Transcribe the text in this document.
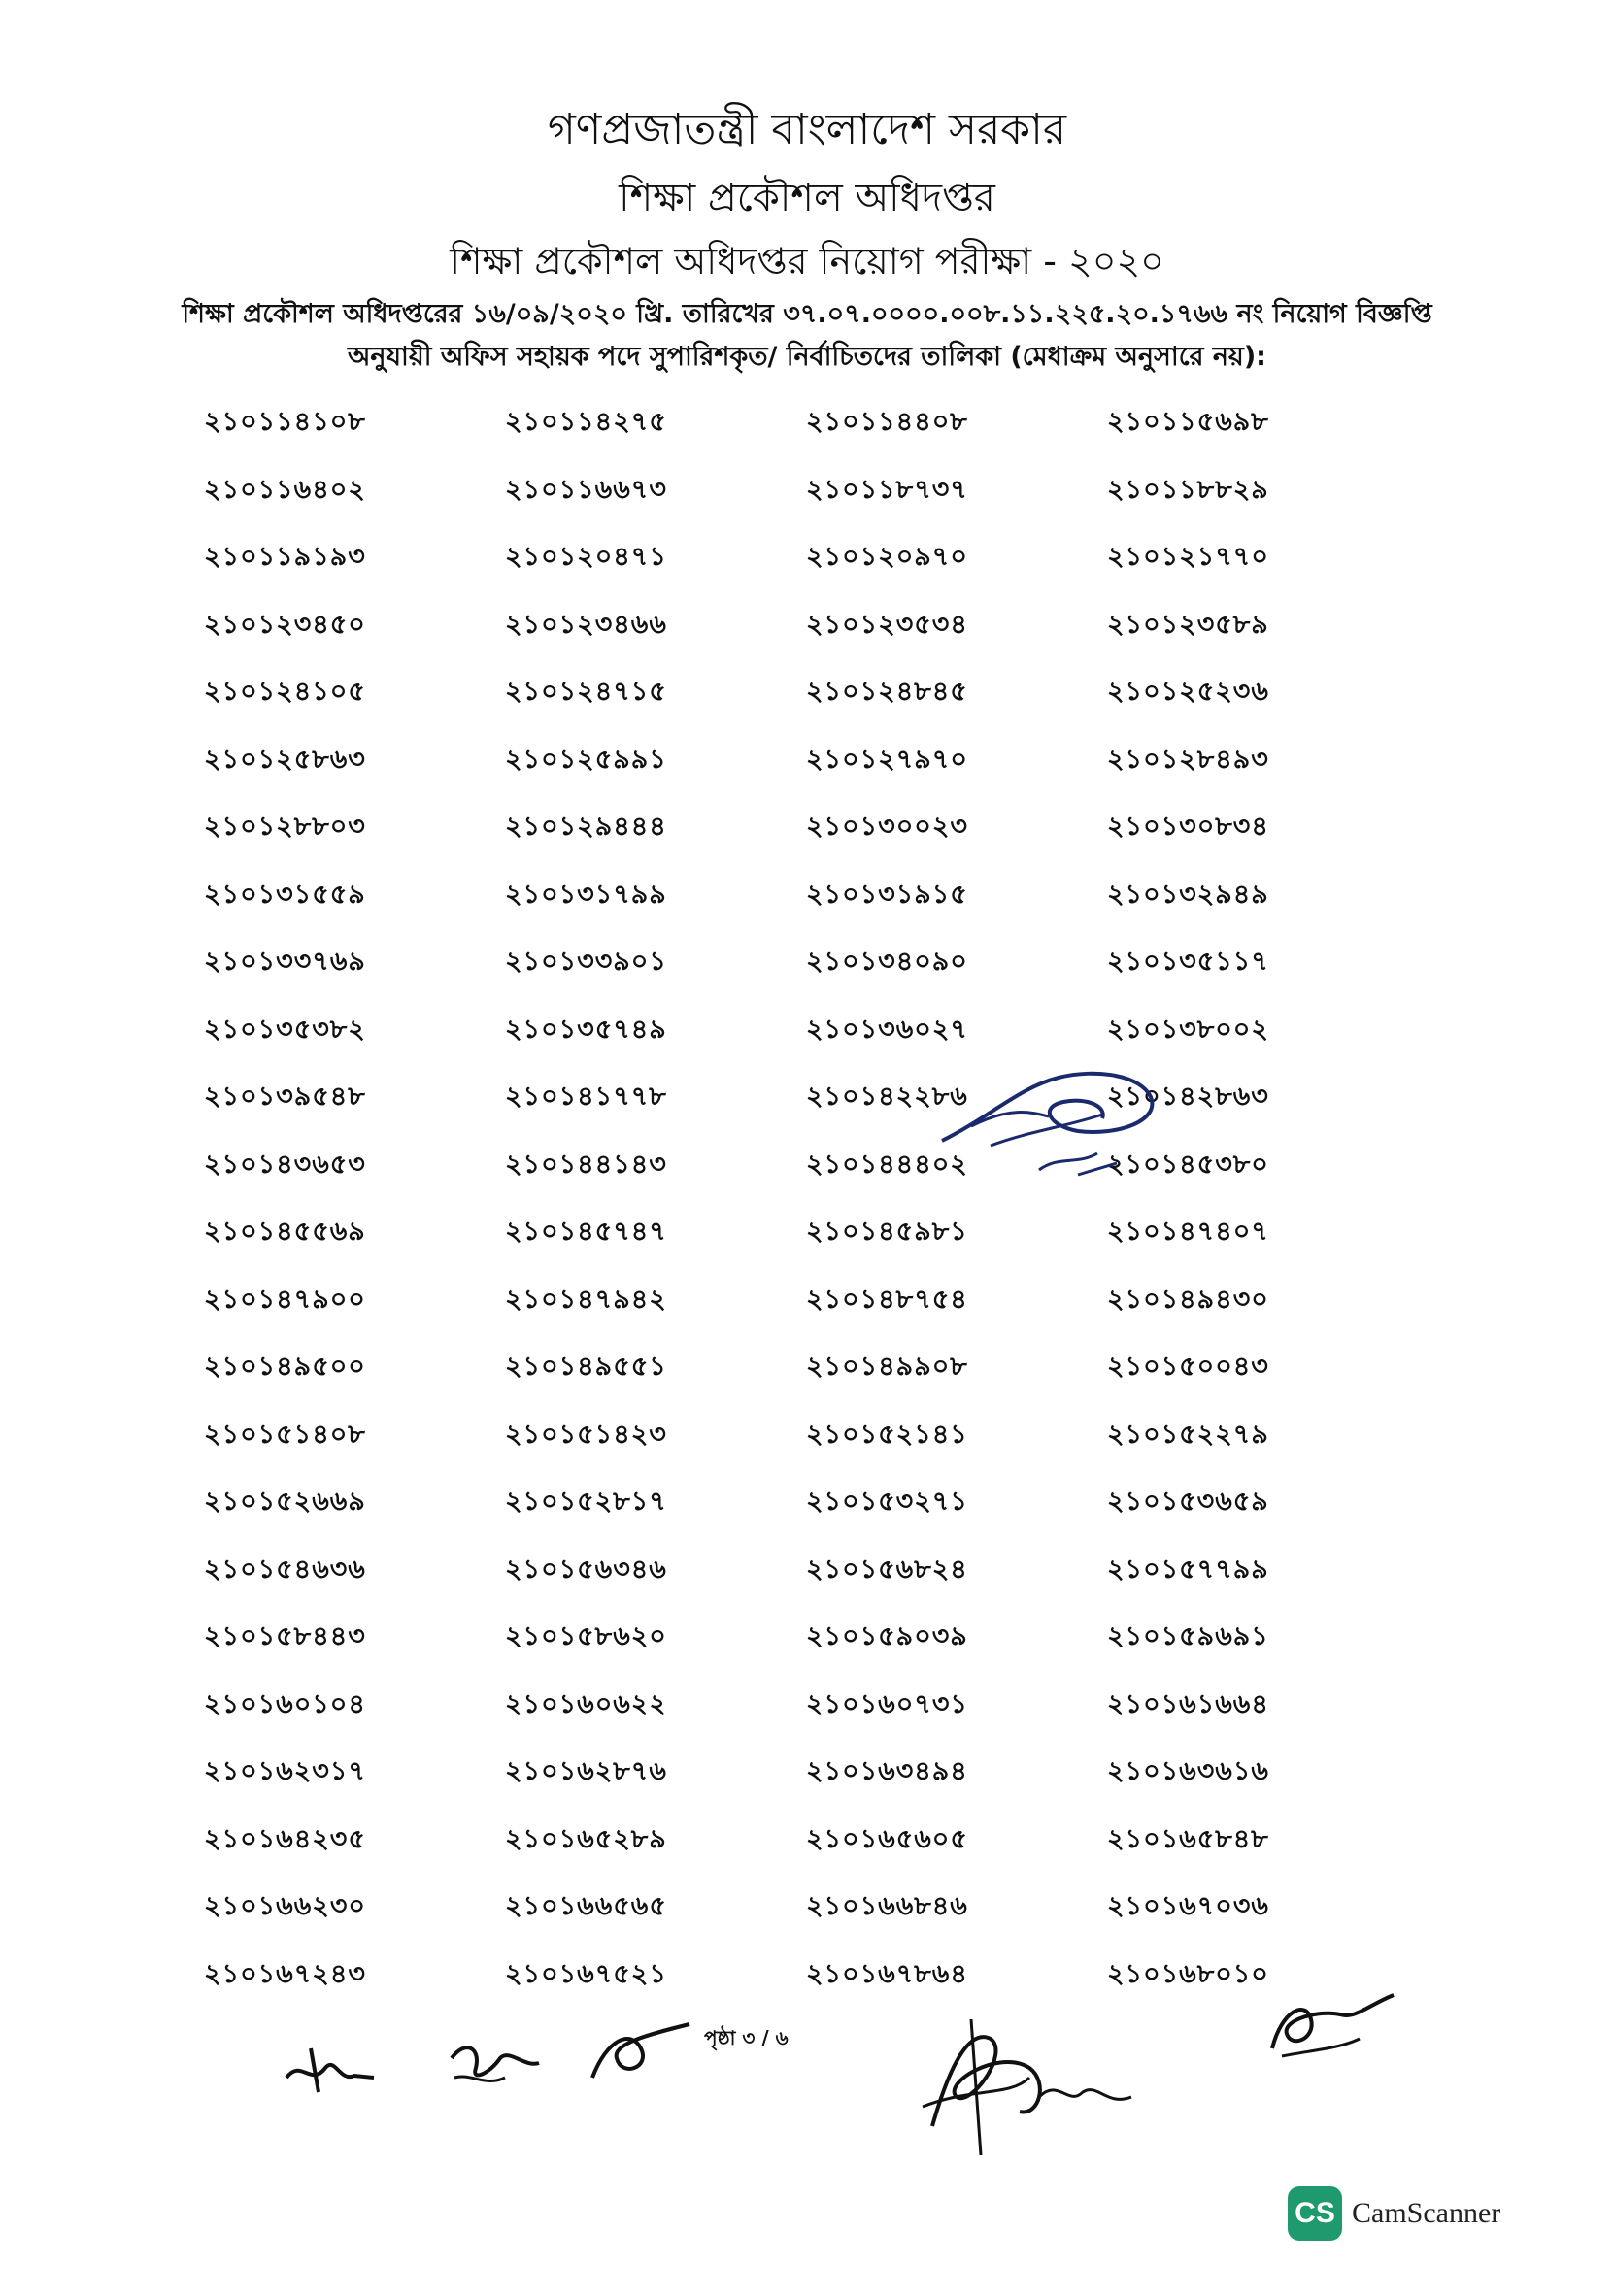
গণপ্রজাতন্ত্রী বাংলাদেশ সরকার
শিক্ষা প্রকৌশল অধিদপ্তর
শিক্ষা প্রকৌশল অধিদপ্তর নিয়োগ পরীক্ষা - ২০২০
শিক্ষা প্রকৌশল অধিদপ্তরের ১৬/০৯/২০২০ খ্রি. তারিখের ৩৭.০৭.০০০০.০০৮.১১.২২৫.২০.১৭৬৬ নং নিয়োগ বিজ্ঞপ্তি
অনুযায়ী অফিস সহায়ক পদে সুপারিশকৃত/ নির্বাচিতদের তালিকা (মেধাক্রম অনুসারে নয়):
২১০১১৪১০৮	২১০১১৪২৭৫	২১০১১৪৪০৮	২১০১১৫৬৯৮
২১০১১৬৪০২	২১০১১৬৬৭৩	২১০১১৮৭৩৭	২১০১১৮৮২৯
২১০১১৯১৯৩	২১০১২০৪৭১	২১০১২০৯৭০	২১০১২১৭৭০
২১০১২৩৪৫০	২১০১২৩৪৬৬	২১০১২৩৫৩৪	২১০১২৩৫৮৯
২১০১২৪১০৫	২১০১২৪৭১৫	২১০১২৪৮৪৫	২১০১২৫২৩৬
২১০১২৫৮৬৩	২১০১২৫৯৯১	২১০১২৭৯৭০	২১০১২৮৪৯৩
২১০১২৮৮০৩	২১০১২৯৪৪৪	২১০১৩০০২৩	২১০১৩০৮৩৪
২১০১৩১৫৫৯	২১০১৩১৭৯৯	২১০১৩১৯১৫	২১০১৩২৯৪৯
২১০১৩৩৭৬৯	২১০১৩৩৯০১	২১০১৩৪০৯০	২১০১৩৫১১৭
২১০১৩৫৩৮২	২১০১৩৫৭৪৯	২১০১৩৬০২৭	২১০১৩৮০০২
২১০১৩৯৫৪৮	২১০১৪১৭৭৮	২১০১৪২২৮৬	২১০১৪২৮৬৩
২১০১৪৩৬৫৩	২১০১৪৪১৪৩	২১০১৪৪৪০২	২১০১৪৫৩৮০
২১০১৪৫৫৬৯	২১০১৪৫৭৪৭	২১০১৪৫৯৮১	২১০১৪৭৪০৭
২১০১৪৭৯০০	২১০১৪৭৯৪২	২১০১৪৮৭৫৪	২১০১৪৯৪৩০
২১০১৪৯৫০০	২১০১৪৯৫৫১	২১০১৪৯৯০৮	২১০১৫০০৪৩
২১০১৫১৪০৮	২১০১৫১৪২৩	২১০১৫২১৪১	২১০১৫২২৭৯
২১০১৫২৬৬৯	২১০১৫২৮১৭	২১০১৫৩২৭১	২১০১৫৩৬৫৯
২১০১৫৪৬৩৬	২১০১৫৬৩৪৬	২১০১৫৬৮২৪	২১০১৫৭৭৯৯
২১০১৫৮৪৪৩	২১০১৫৮৬২০	২১০১৫৯০৩৯	২১০১৫৯৬৯১
২১০১৬০১০৪	২১০১৬০৬২২	২১০১৬০৭৩১	২১০১৬১৬৬৪
২১০১৬২৩১৭	২১০১৬২৮৭৬	২১০১৬৩৪৯৪	২১০১৬৩৬১৬
২১০১৬৪২৩৫	২১০১৬৫২৮৯	২১০১৬৫৬০৫	২১০১৬৫৮৪৮
২১০১৬৬২৩০	২১০১৬৬৫৬৫	২১০১৬৬৮৪৬	২১০১৬৭০৩৬
২১০১৬৭২৪৩	২১০১৬৭৫২১	২১০১৬৭৮৬৪	২১০১৬৮০১০
পৃষ্ঠা ৩ / ৬
CS CamScanner
